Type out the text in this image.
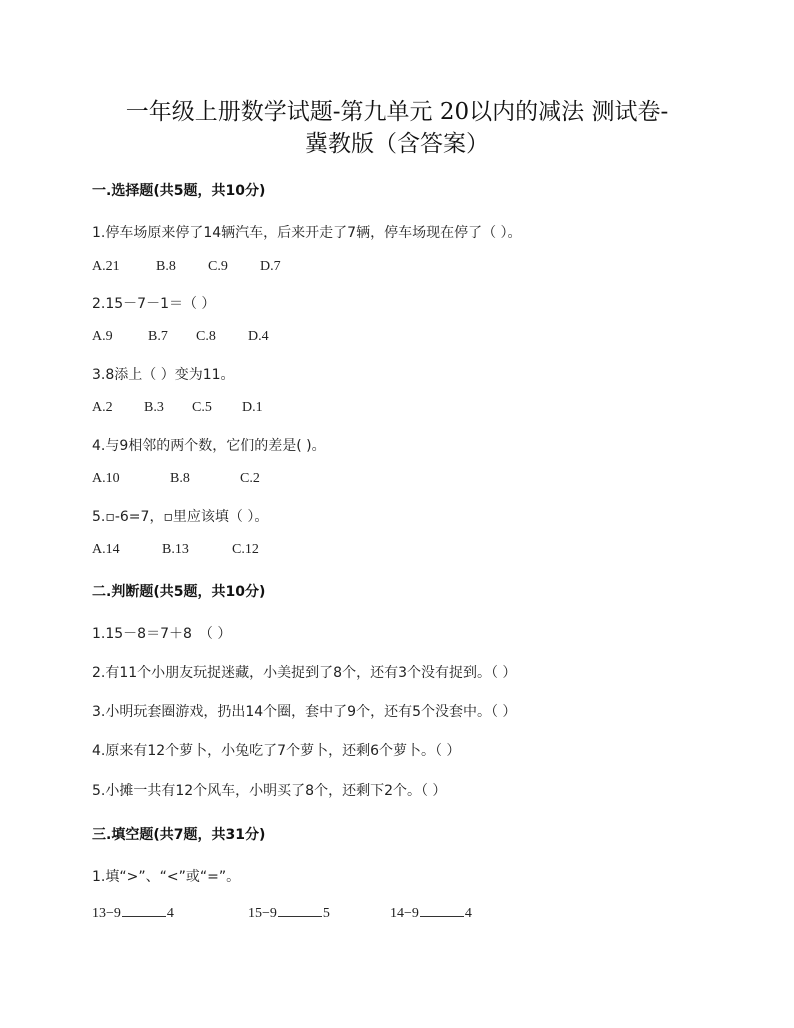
一年级上册数学试题-第九单元 20以内的减法 测试卷-
冀教版（含答案）
一.选择题(共5题，共10分)
1.停车场原来停了14辆汽车，后来开走了7辆，停车场现在停了（ ）。
A.21	B.8 C.9 D.7
2.15－7－1＝（ ）
A.9	B.7 C.8 D.4
3.8添上（ ）变为11。
A.2 B.3 C.5 D.1
4.与9相邻的两个数，它们的差是( )。
A.10	B.8	C.2
5.▫-6=7，▫里应该填（ ）。
A.14	B.13	C.12
二.判断题(共5题，共10分)
1.15－8＝7＋8　（ ）
2.有11个小朋友玩捉迷藏，小美捉到了8个，还有3个没有捉到。（ ）
3.小明玩套圈游戏，扔出14个圈，套中了9个，还有5个没套中。（ ）
4.原来有12个萝卜，小兔吃了7个萝卜，还剩6个萝卜。（ ）
5.小摊一共有12个风车，小明买了8个，还剩下2个。（ ）
三.填空题(共7题，共31分)
1.填“>”、“<”或“=”。
13−9	4	15−9	5	14−9	4
